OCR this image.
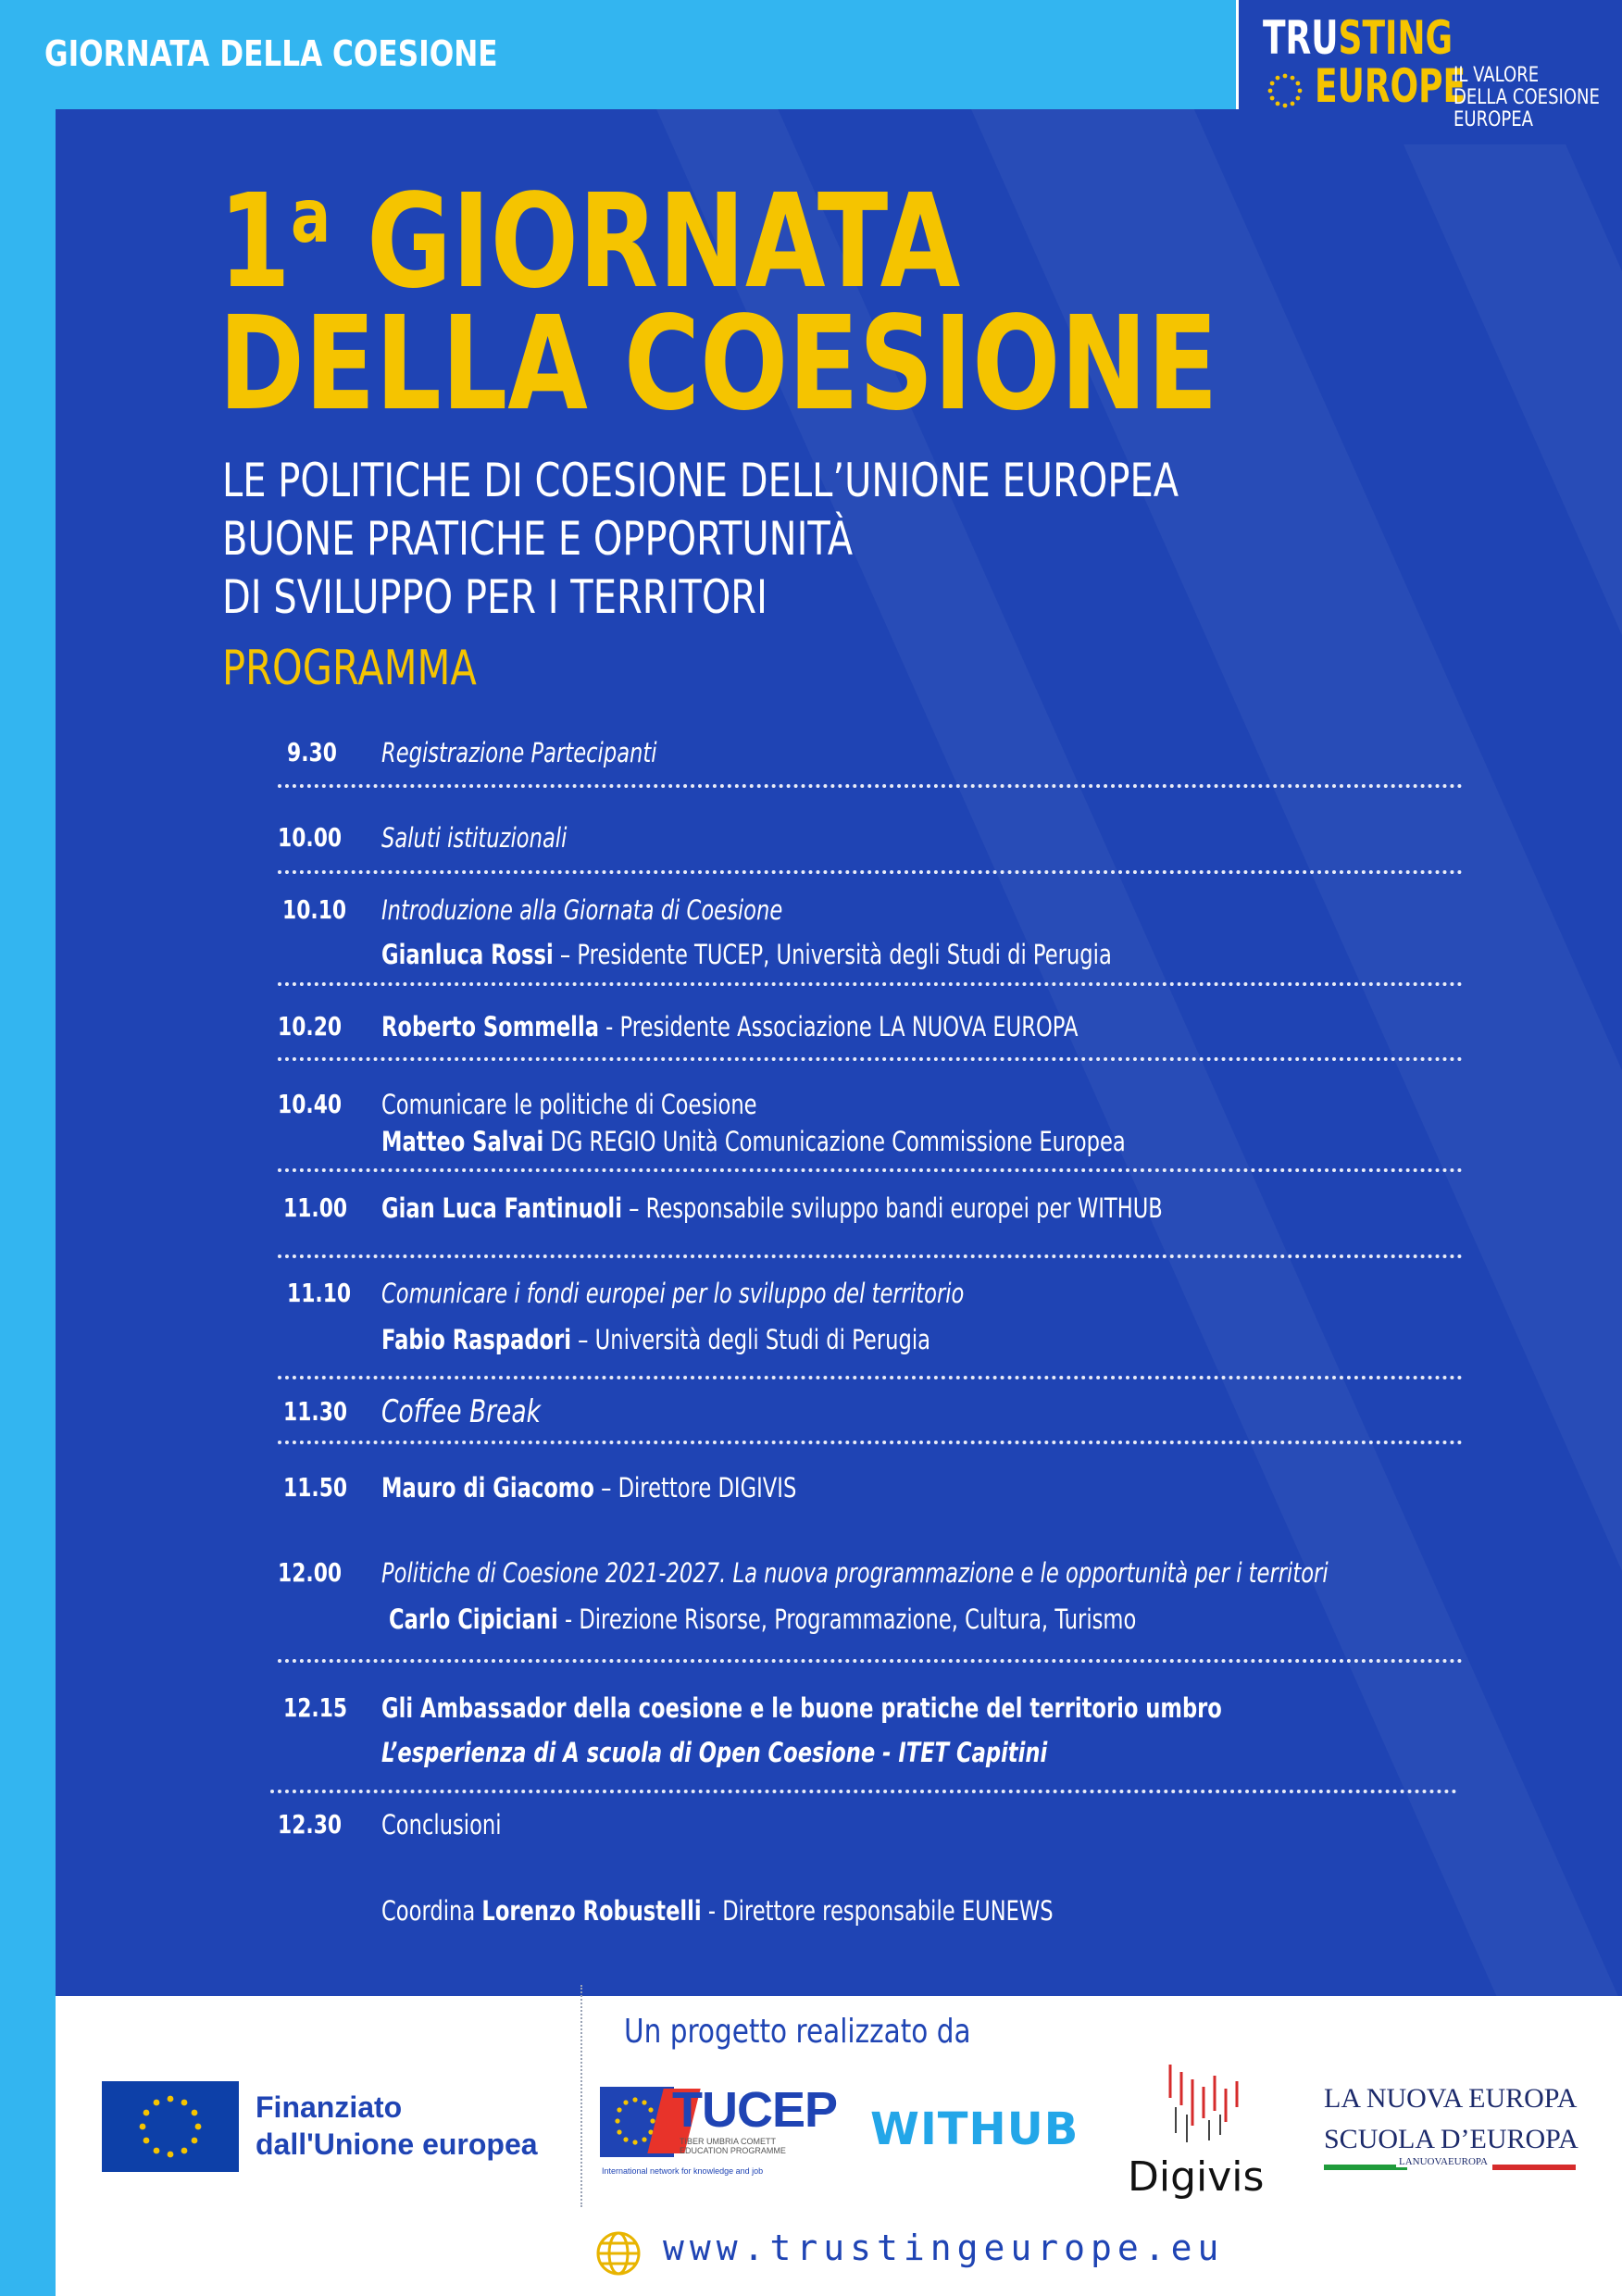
GIORNATA DELLA COESIONE	TRUSTING
EUROPE
IL VALORE
DELLA COESIONE
EUROPEA
1$^a$ GIORNATA
DELLA COESIONE
LE POLITICHE DI COESIONE DELL’UNIONE EUROPEA
BUONE PRATICHE E OPPORTUNITÀ
DI SVILUPPO PER I TERRITORI
PROGRAMMA
9.30 Registrazione Partecipanti
10.00 Saluti istituzionali
10.10 Introduzione alla Giornata di Coesione
Gianluca Rossi – Presidente TUCEP, Università degli Studi di Perugia
10.20 Roberto Sommella - Presidente Associazione LA NUOVA EUROPA
10.40 Comunicare le politiche di Coesione
Matteo Salvai DG REGIO Unità Comunicazione Commissione Europea
11.00 Gian Luca Fantinuoli – Responsabile sviluppo bandi europei per WITHUB
11.10 Comunicare i fondi europei per lo sviluppo del territorio
Fabio Raspadori – Università degli Studi di Perugia
11.30 Coffee Break
11.50 Mauro di Giacomo – Direttore DIGIVIS
12.00 Politiche di Coesione 2021-2027. La nuova programmazione e le opportunità per i territori
Carlo Cipiciani - Direzione Risorse, Programmazione, Cultura, Turismo
12.15 Gli Ambassador della coesione e le buone pratiche del territorio umbro
L’esperienza di A scuola di Open Coesione - ITET Capitini
12.30 Conclusioni
Coordina Lorenzo Robustelli - Direttore responsabile EUNEWS
Finanziato
dall'Unione europea
Un progetto realizzato da
TUCEP
TIBER UMBRIA COMETT
EDUCATION PROGRAMME
International network for knowledge and job
WITHUB
Digivis
LA NUOVA EUROPA
SCUOLA D’EUROPA
LANUOVAEUROPA
www.trustingeurope.eu
